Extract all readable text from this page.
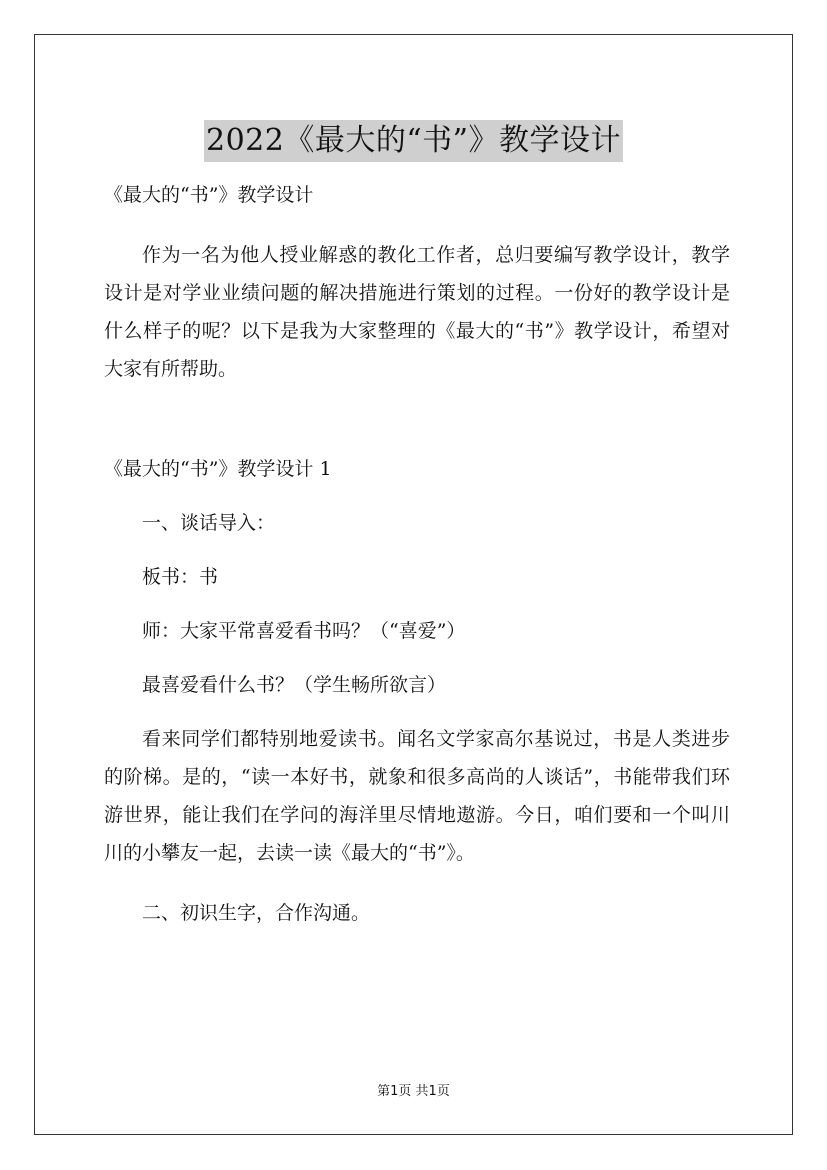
2022《最大的“书”》教学设计
《最大的“书”》教学设计

作为一名为他人授业解惑的教化工作者，总归要编写教学设计，教学设计是对学业业绩问题的解决措施进行策划的过程。一份好的教学设计是什么样子的呢？以下是我为大家整理的《最大的“书”》教学设计，希望对大家有所帮助。

《最大的“书”》教学设计 1
一、谈话导入：
板书：书
师：大家平常喜爱看书吗？（“喜爱”）
最喜爱看什么书？（学生畅所欲言）

看来同学们都特别地爱读书。闻名文学家高尔基说过，书是人类进步的阶梯。是的，“读一本好书，就象和很多高尚的人谈话”，书能带我们环游世界，能让我们在学问的海洋里尽情地遨游。今日，咱们要和一个叫川川的小攀友一起，去读一读《最大的“书”》。

二、初识生字，合作沟通。
第1页 共1页
